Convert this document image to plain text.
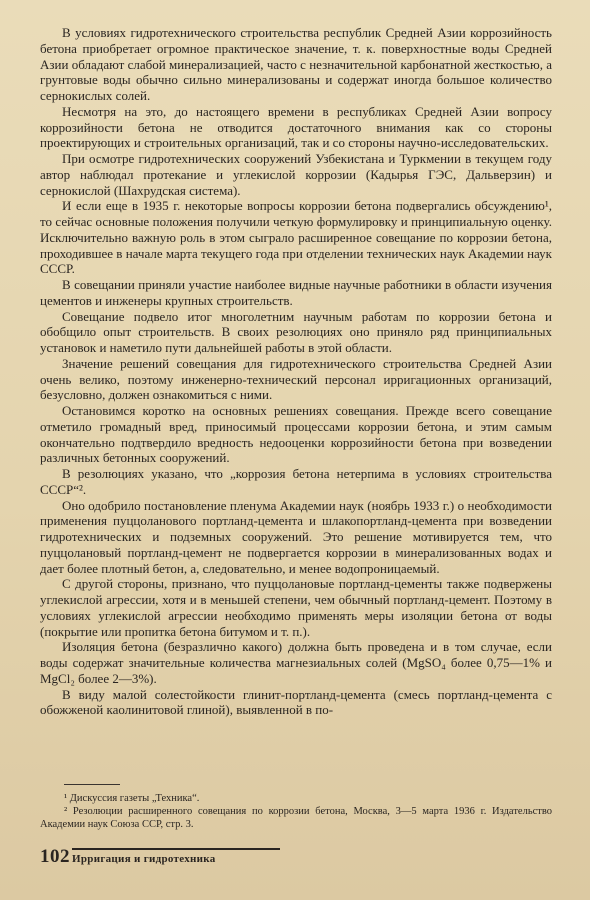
В условиях гидротехнического строительства республик Средней Азии коррозийность бетона приобретает огромное практическое значение, т. к. поверхностные воды Средней Азии обладают слабой минерализацией, часто с незначительной карбонатной жесткостью, а грунтовые воды обычно сильно минерализованы и содержат иногда большое количество сернокислых солей.

Несмотря на это, до настоящего времени в республиках Средней Азии вопросу коррозийности бетона не отводится достаточного внимания как со стороны проектирующих и строительных организаций, так и со стороны научно-исследовательских.

При осмотре гидротехнических сооружений Узбекистана и Туркмении в текущем году автор наблюдал протекание и углекислой коррозии (Кадырья ГЭС, Дальверзин) и сернокислой (Шахрудская система).

И если еще в 1935 г. некоторые вопросы коррозии бетона подвергались обсуждению¹, то сейчас основные положения получили четкую формулировку и принципиальную оценку. Исключительно важную роль в этом сыграло расширенное совещание по коррозии бетона, проходившее в начале марта текущего года при отделении технических наук Академии наук СССР.

В совещании приняли участие наиболее видные научные работники в области изучения цементов и инженеры крупных строительств.

Совещание подвело итог многолетним научным работам по коррозии бетона и обобщило опыт строительств. В своих резолюциях оно приняло ряд принципиальных установок и наметило пути дальнейшей работы в этой области.

Значение решений совещания для гидротехнического строительства Средней Азии очень велико, поэтому инженерно-технический персонал ирригационных организаций, безусловно, должен ознакомиться с ними.

Остановимся коротко на основных решениях совещания. Прежде всего совещание отметило громадный вред, приносимый процессами коррозии бетона, и этим самым окончательно подтвердило вредность недооценки коррозийности бетона при возведении различных бетонных сооружений.

В резолюциях указано, что „коррозия бетона нетерпима в условиях строительства СССР“².

Оно одобрило постановление пленума Академии наук (ноябрь 1933 г.) о необходимости применения пуццоланового портланд-цемента и шлакопортланд-цемента при возведении гидротехнических и подземных сооружений. Это решение мотивируется тем, что пуццолановый портланд-цемент не подвергается коррозии в минерализованных водах и дает более плотный бетон, а, следовательно, и менее водопроницаемый.

С другой стороны, признано, что пуццолановые портланд-цементы также подвержены углекислой агрессии, хотя и в меньшей степени, чем обычный портланд-цемент. Поэтому в условиях углекислой агрессии необходимо применять меры изоляции бетона от воды (покрытие или пропитка бетона битумом и т. п.).

Изоляция бетона (безразлично какого) должна быть проведена и в том случае, если воды содержат значительные количества магнезиальных солей (MgSO₄ более 0,75—1% и MgCl₂ более 2—3%).

В виду малой солестойкости глинит-портланд-цемента (смесь портланд-цемента с обожженой каолинитовой глиной), выявленной в по-

¹ Дискуссия газеты „Техника“.

² Резолюции расширенного совещания по коррозии бетона, Москва, 3—5 марта 1936 г. Издательство Академии наук Союза ССР, стр. 3.

102 Ирригация и гидротехника
